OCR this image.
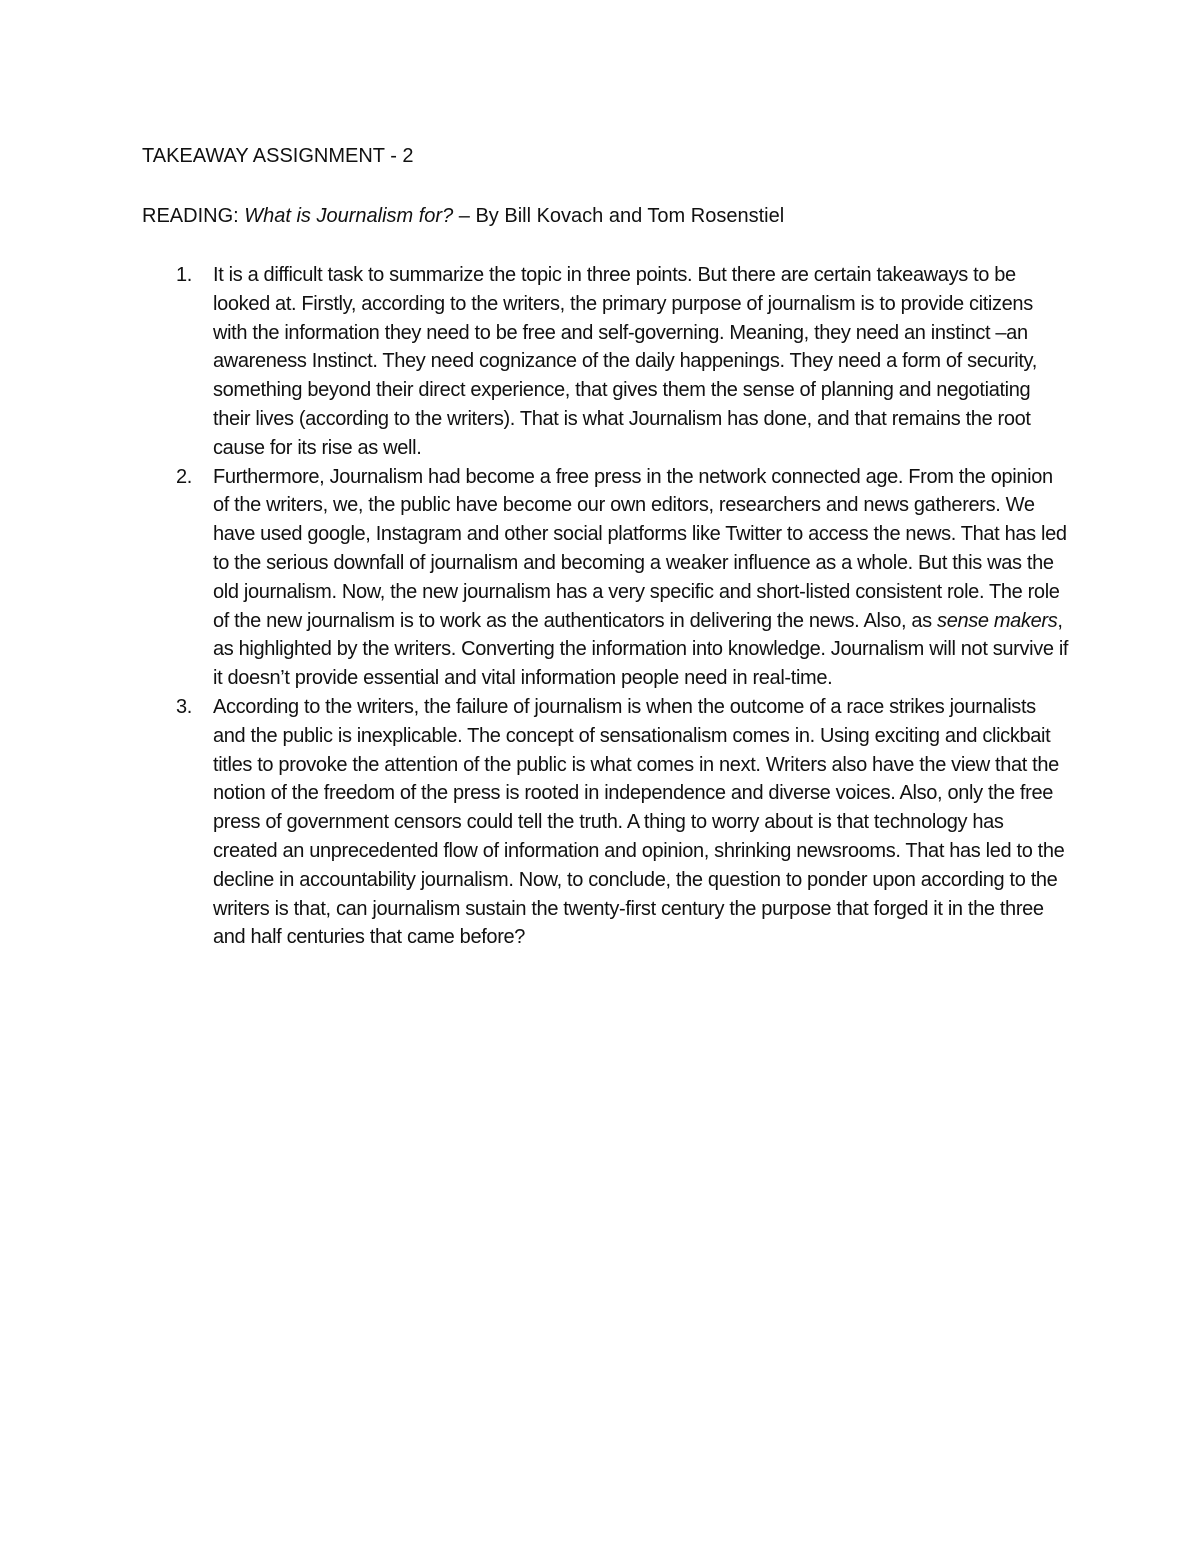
TAKEAWAY ASSIGNMENT - 2

READING: What is Journalism for? – By Bill Kovach and Tom Rosenstiel

1. It is a difficult task to summarize the topic in three points. But there are certain takeaways to be looked at. Firstly, according to the writers, the primary purpose of journalism is to provide citizens with the information they need to be free and self-governing. Meaning, they need an instinct –an awareness Instinct. They need cognizance of the daily happenings. They need a form of security, something beyond their direct experience, that gives them the sense of planning and negotiating their lives (according to the writers). That is what Journalism has done, and that remains the root cause for its rise as well.
2. Furthermore, Journalism had become a free press in the network connected age. From the opinion of the writers, we, the public have become our own editors, researchers and news gatherers. We have used google, Instagram and other social platforms like Twitter to access the news. That has led to the serious downfall of journalism and becoming a weaker influence as a whole. But this was the old journalism. Now, the new journalism has a very specific and short-listed consistent role. The role of the new journalism is to work as the authenticators in delivering the news. Also, as sense makers, as highlighted by the writers. Converting the information into knowledge. Journalism will not survive if it doesn’t provide essential and vital information people need in real-time.
3. According to the writers, the failure of journalism is when the outcome of a race strikes journalists and the public is inexplicable. The concept of sensationalism comes in. Using exciting and clickbait titles to provoke the attention of the public is what comes in next. Writers also have the view that the notion of the freedom of the press is rooted in independence and diverse voices. Also, only the free press of government censors could tell the truth. A thing to worry about is that technology has created an unprecedented flow of information and opinion, shrinking newsrooms. That has led to the decline in accountability journalism. Now, to conclude, the question to ponder upon according to the writers is that, can journalism sustain the twenty-first century the purpose that forged it in the three and half centuries that came before?
